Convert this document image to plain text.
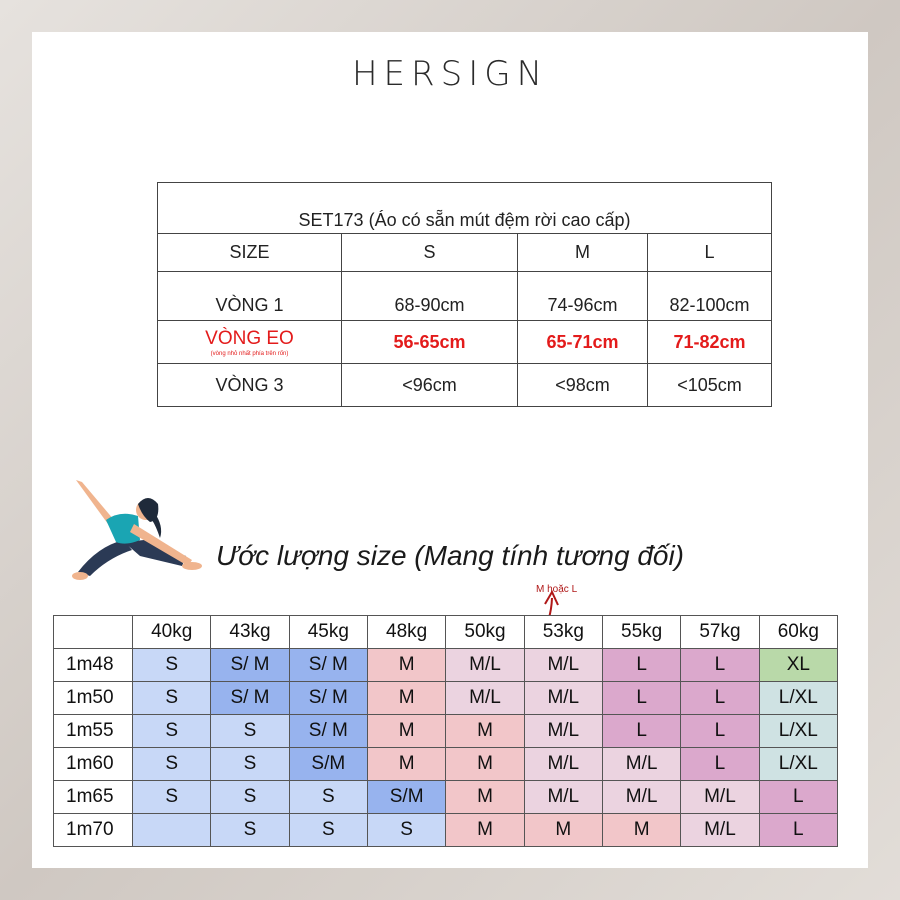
HERSIGN
SET173 (Áo có sẵn mút đệm rời cao cấp)			
SIZE	S	M	L
VÒNG 1	68-90cm	74-96cm	82-100cm
VÒNG EO
(vòng nhỏ nhất phía trên rốn)	56-65cm	65-71cm	71-82cm
VÒNG 3	<96cm	<98cm	<105cm
Ước lượng size (Mang tính tương đối)
M hoặc L
	40kg	43kg	45kg	48kg	50kg	53kg	55kg	57kg	60kg
1m48	S	S/ M	S/ M	M	M/L	M/L	L	L	XL
1m50	S	S/ M	S/ M	M	M/L	M/L	L	L	L/XL
1m55	S	S	S/ M	M	M	M/L	L	L	L/XL
1m60	S	S	S/M	M	M	M/L	M/L	L	L/XL
1m65	S	S	S	S/M	M	M/L	M/L	M/L	L
1m70		S	S	S	M	M	M	M/L	L
